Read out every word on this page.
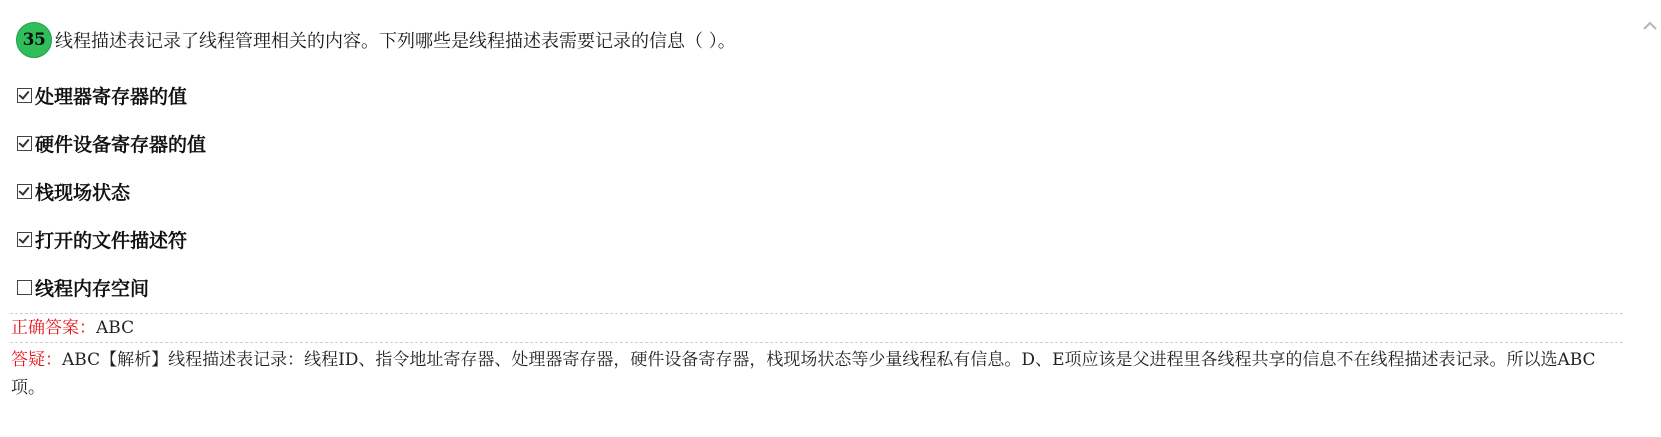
35 线程描述表记录了线程管理相关的内容。下列哪些是线程描述表需要记录的信息（ ）。
处理器寄存器的值
硬件设备寄存器的值
栈现场状态
打开的文件描述符
线程内存空间
正确答案：ABC
答疑：ABC【解析】线程描述表记录：线程ID、指令地址寄存器、处理器寄存器，硬件设备寄存器，栈现场状态等少量线程私有信息。D、E项应该是父进程里各线程共享的信息不在线程描述表记录。所以选ABC项。
